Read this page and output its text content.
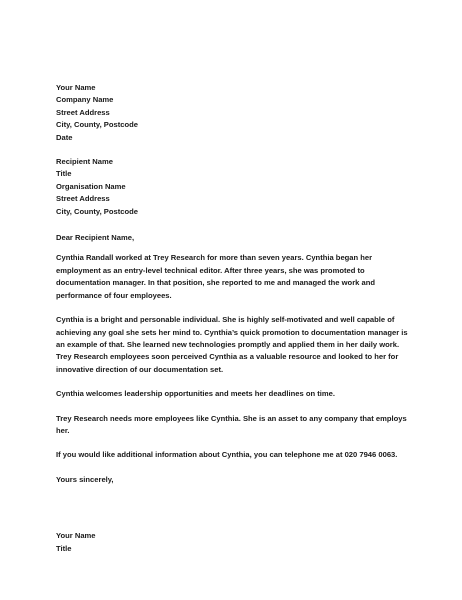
Your Name
Company Name
Street Address
City, County, Postcode
Date
Recipient Name
Title
Organisation Name
Street Address
City, County, Postcode
Dear Recipient Name,
Cynthia Randall worked at Trey Research for more than seven years. Cynthia began her
employment as an entry-level technical editor. After three years, she was promoted to
documentation manager. In that position, she reported to me and managed the work and
performance of four employees.
Cynthia is a bright and personable individual. She is highly self-motivated and well capable of
achieving any goal she sets her mind to. Cynthia’s quick promotion to documentation manager is
an example of that. She learned new technologies promptly and applied them in her daily work.
Trey Research employees soon perceived Cynthia as a valuable resource and looked to her for
innovative direction of our documentation set.
Cynthia welcomes leadership opportunities and meets her deadlines on time.
Trey Research needs more employees like Cynthia. She is an asset to any company that employs
her.
If you would like additional information about Cynthia, you can telephone me at 020 7946 0063.
Yours sincerely,
Your Name
Title
